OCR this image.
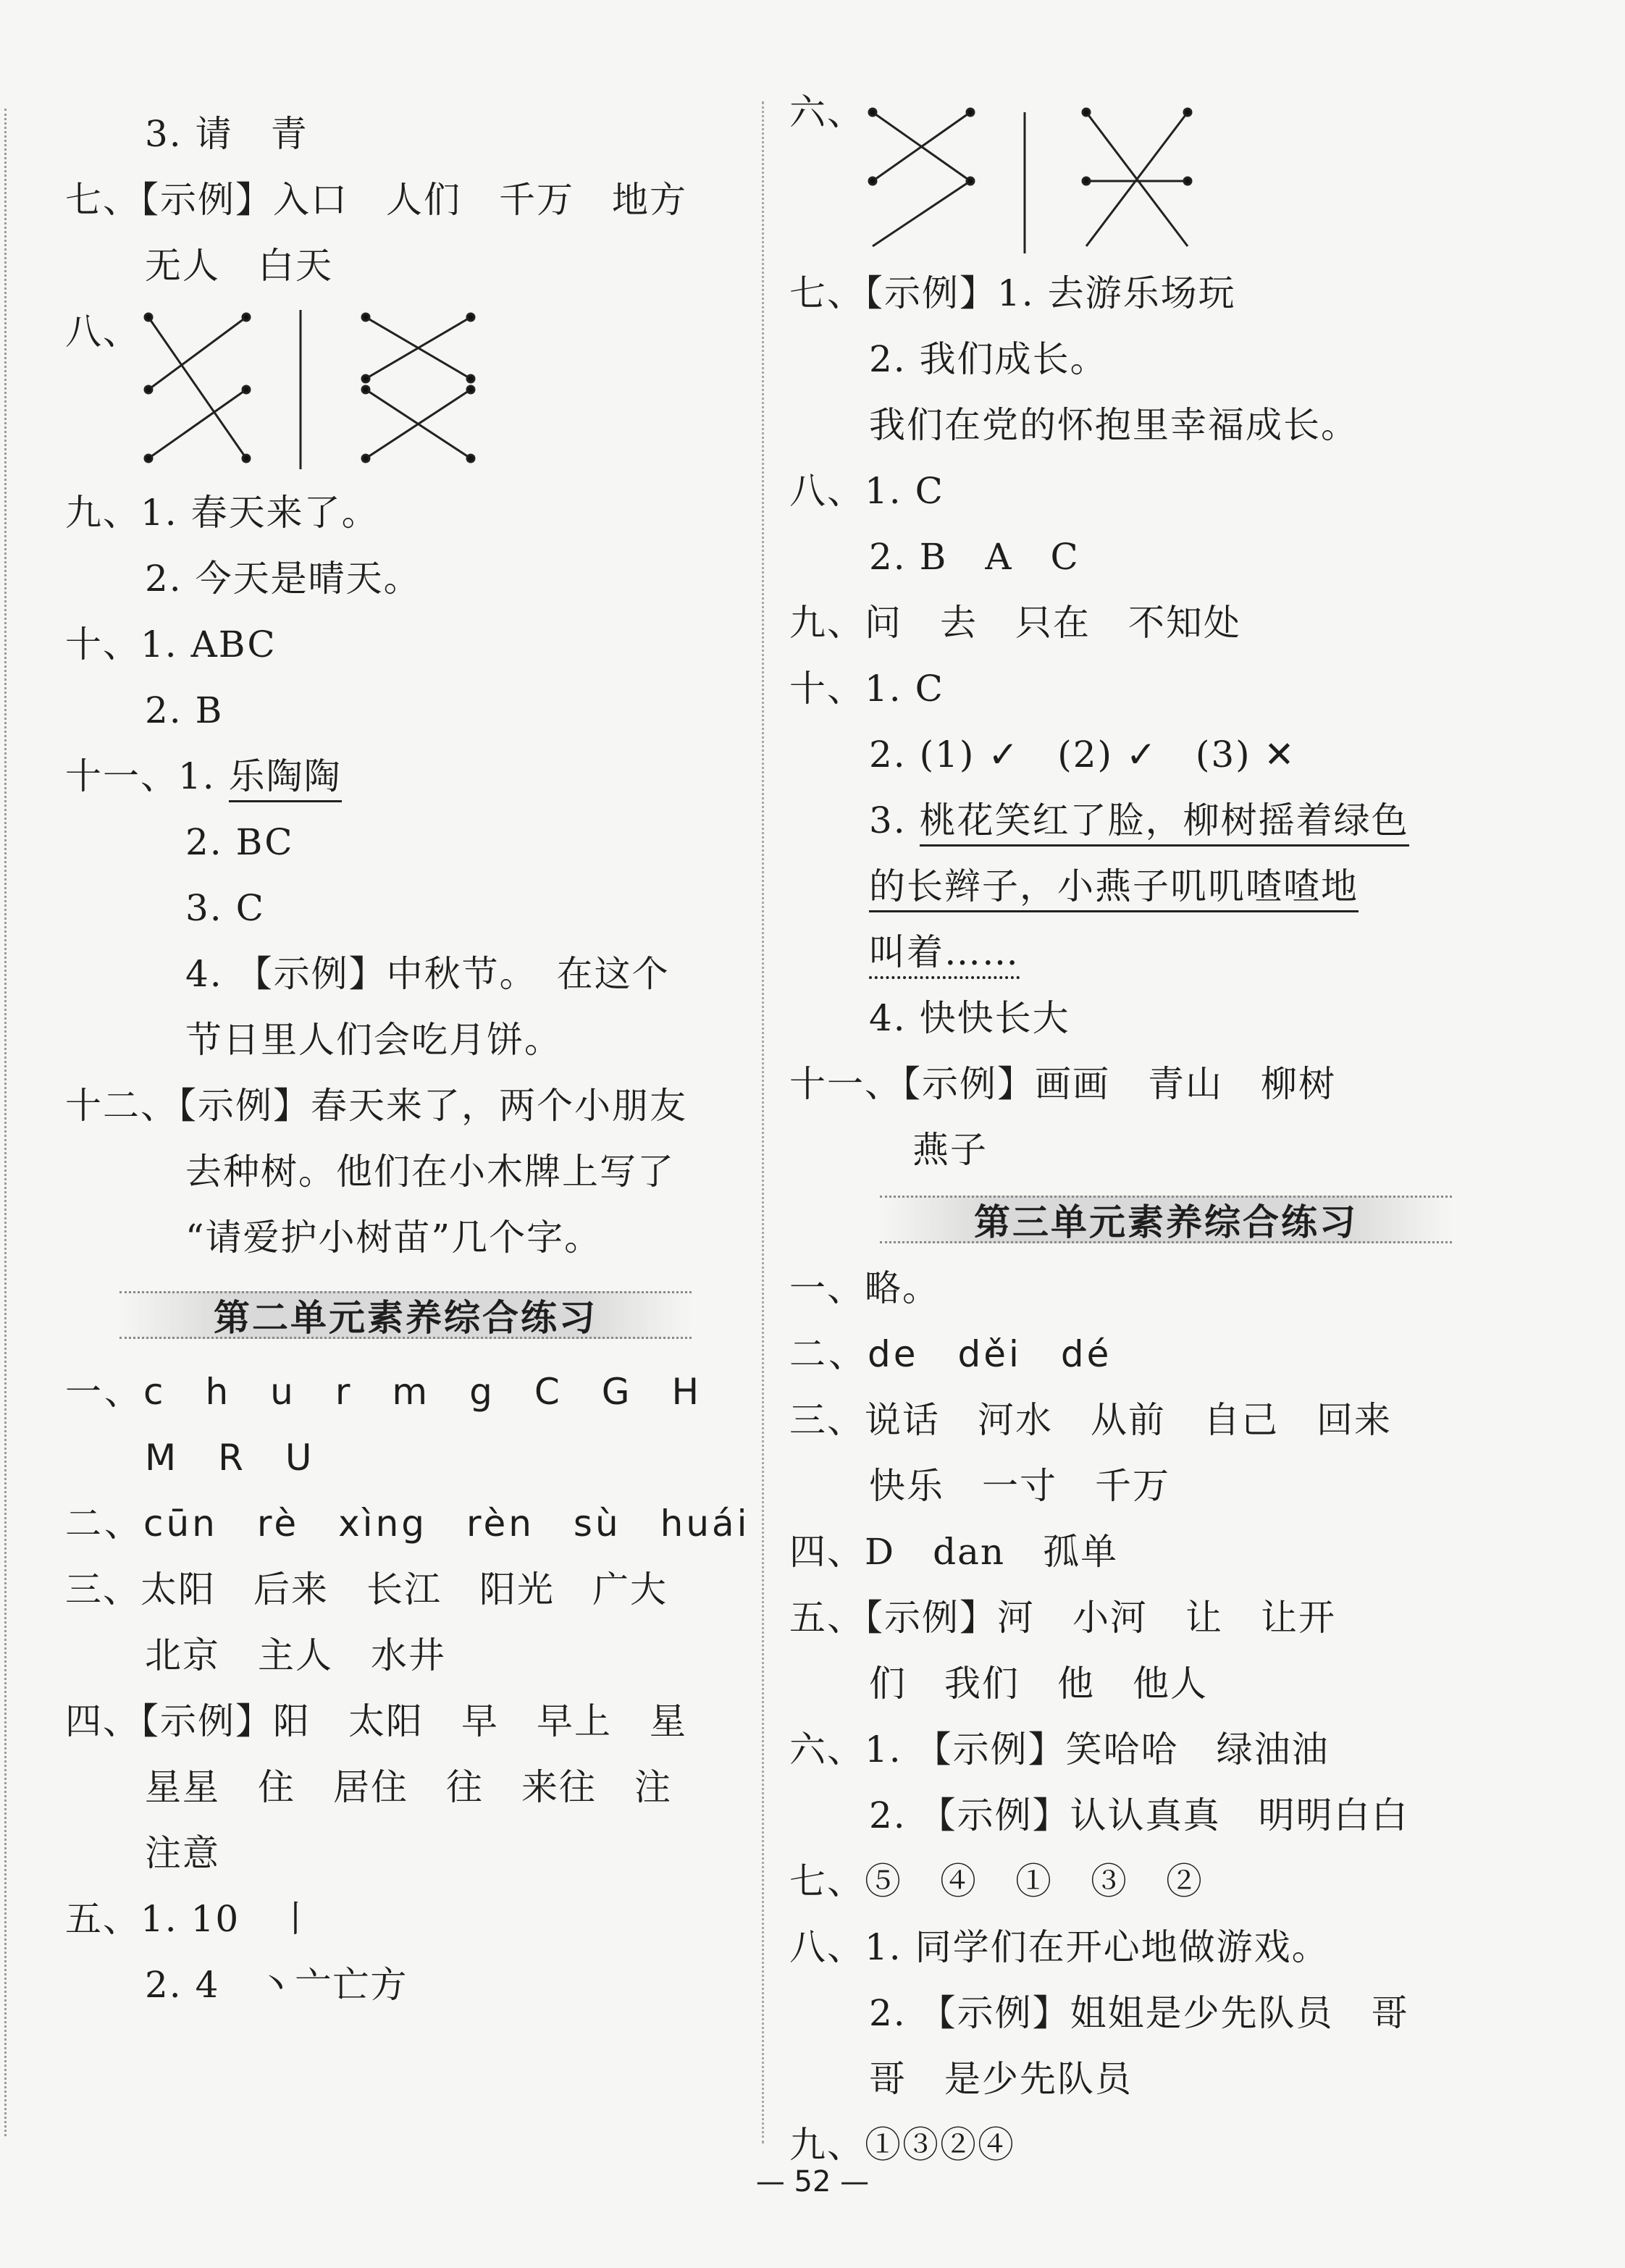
3. 请　青
七、【示例】入口　人们　千万　地方
无人　白天
八、
九、1. 春天来了。
2. 今天是晴天。
十、1. ABC
2. B
十一、1. 乐陶陶
2. BC
3. C
4. 【示例】中秋节。　在这个
节日里人们会吃月饼。
十二、【示例】春天来了，两个小朋友
去种树。他们在小木牌上写了
“请爱护小树苗”几个字。
第二单元素养综合练习
一、c　h　u　r　m　g　C　G　H
M　R　U
二、cūn　rè　xìng　rèn　sù　huái
三、太阳　后来　长江　阳光　广大
北京　主人　水井
四、【示例】阳　太阳　早　早上　星
星星　住　居住　往　来往　注
注意
五、1. 10　丨
2. 4　丶亠亡方
六、
七、【示例】1. 去游乐场玩
2. 我们成长。
我们在党的怀抱里幸福成长。
八、1. C
2. B　A　C
九、问　去　只在　不知处
十、1. C
2. (1) ✓　(2) ✓　(3) ✕
3. 桃花笑红了脸，柳树摇着绿色
的长辫子，小燕子叽叽喳喳地
叫着……
4. 快快长大
十一、【示例】画画　青山　柳树
燕子
第三单元素养综合练习
一、略。
二、de　děi　dé
三、说话　河水　从前　自己　回来
快乐　一寸　千万
四、D　dan　孤单
五、【示例】河　小河　让　让开
们　我们　他　他人
六、1. 【示例】笑哈哈　绿油油
2. 【示例】认认真真　明明白白
七、⑤　④　①　③　②
八、1. 同学们在开心地做游戏。
2. 【示例】姐姐是少先队员　哥
哥　是少先队员
九、①③②④
— 52 —
